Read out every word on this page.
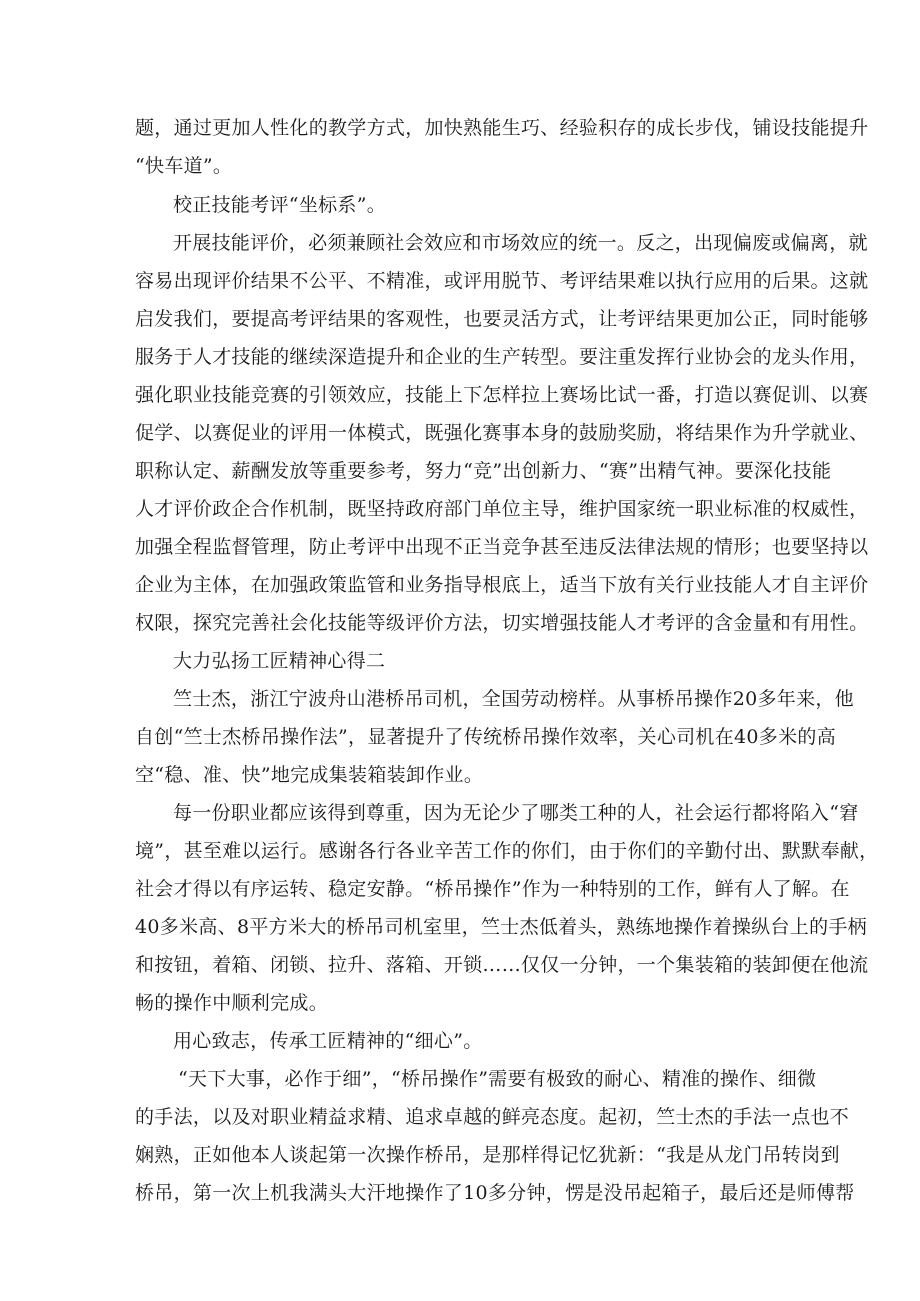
题，通过更加人性化的教学方式，加快熟能生巧、经验积存的成长步伐，铺设技能提升
“快车道”。
校正技能考评“坐标系”。
开展技能评价，必须兼顾社会效应和市场效应的统一。反之，出现偏废或偏离，就
容易出现评价结果不公平、不精准，或评用脱节、考评结果难以执行应用的后果。这就
启发我们，要提高考评结果的客观性，也要灵活方式，让考评结果更加公正，同时能够
服务于人才技能的继续深造提升和企业的生产转型。要注重发挥行业协会的龙头作用，
强化职业技能竞赛的引领效应，技能上下怎样拉上赛场比试一番，打造以赛促训、以赛
促学、以赛促业的评用一体模式，既强化赛事本身的鼓励奖励，将结果作为升学就业、
职称认定、薪酬发放等重要参考，努力“竞”出创新力、“赛”出精气神。要深化技能
人才评价政企合作机制，既坚持政府部门单位主导，维护国家统一职业标准的权威性，
加强全程监督管理，防止考评中出现不正当竞争甚至违反法律法规的情形；也要坚持以
企业为主体，在加强政策监管和业务指导根底上，适当下放有关行业技能人才自主评价
权限，探究完善社会化技能等级评价方法，切实增强技能人才考评的含金量和有用性。
大力弘扬工匠精神心得二
竺士杰，浙江宁波舟山港桥吊司机，全国劳动榜样。从事桥吊操作20多年来，他
自创“竺士杰桥吊操作法”，显著提升了传统桥吊操作效率，关心司机在40多米的高
空“稳、准、快”地完成集装箱装卸作业。
每一份职业都应该得到尊重，因为无论少了哪类工种的人，社会运行都将陷入“窘
境”，甚至难以运行。感谢各行各业辛苦工作的你们，由于你们的辛勤付出、默默奉献，
社会才得以有序运转、稳定安静。“桥吊操作”作为一种特别的工作，鲜有人了解。在
40多米高、8平方米大的桥吊司机室里，竺士杰低着头，熟练地操作着操纵台上的手柄
和按钮，着箱、闭锁、拉升、落箱、开锁……仅仅一分钟，一个集装箱的装卸便在他流
畅的操作中顺利完成。
用心致志，传承工匠精神的“细心”。
“天下大事，必作于细”，“桥吊操作”需要有极致的耐心、精准的操作、细微
的手法，以及对职业精益求精、追求卓越的鲜亮态度。起初，竺士杰的手法一点也不
娴熟，正如他本人谈起第一次操作桥吊，是那样得记忆犹新：“我是从龙门吊转岗到
桥吊，第一次上机我满头大汗地操作了10多分钟，愣是没吊起箱子，最后还是师傅帮
